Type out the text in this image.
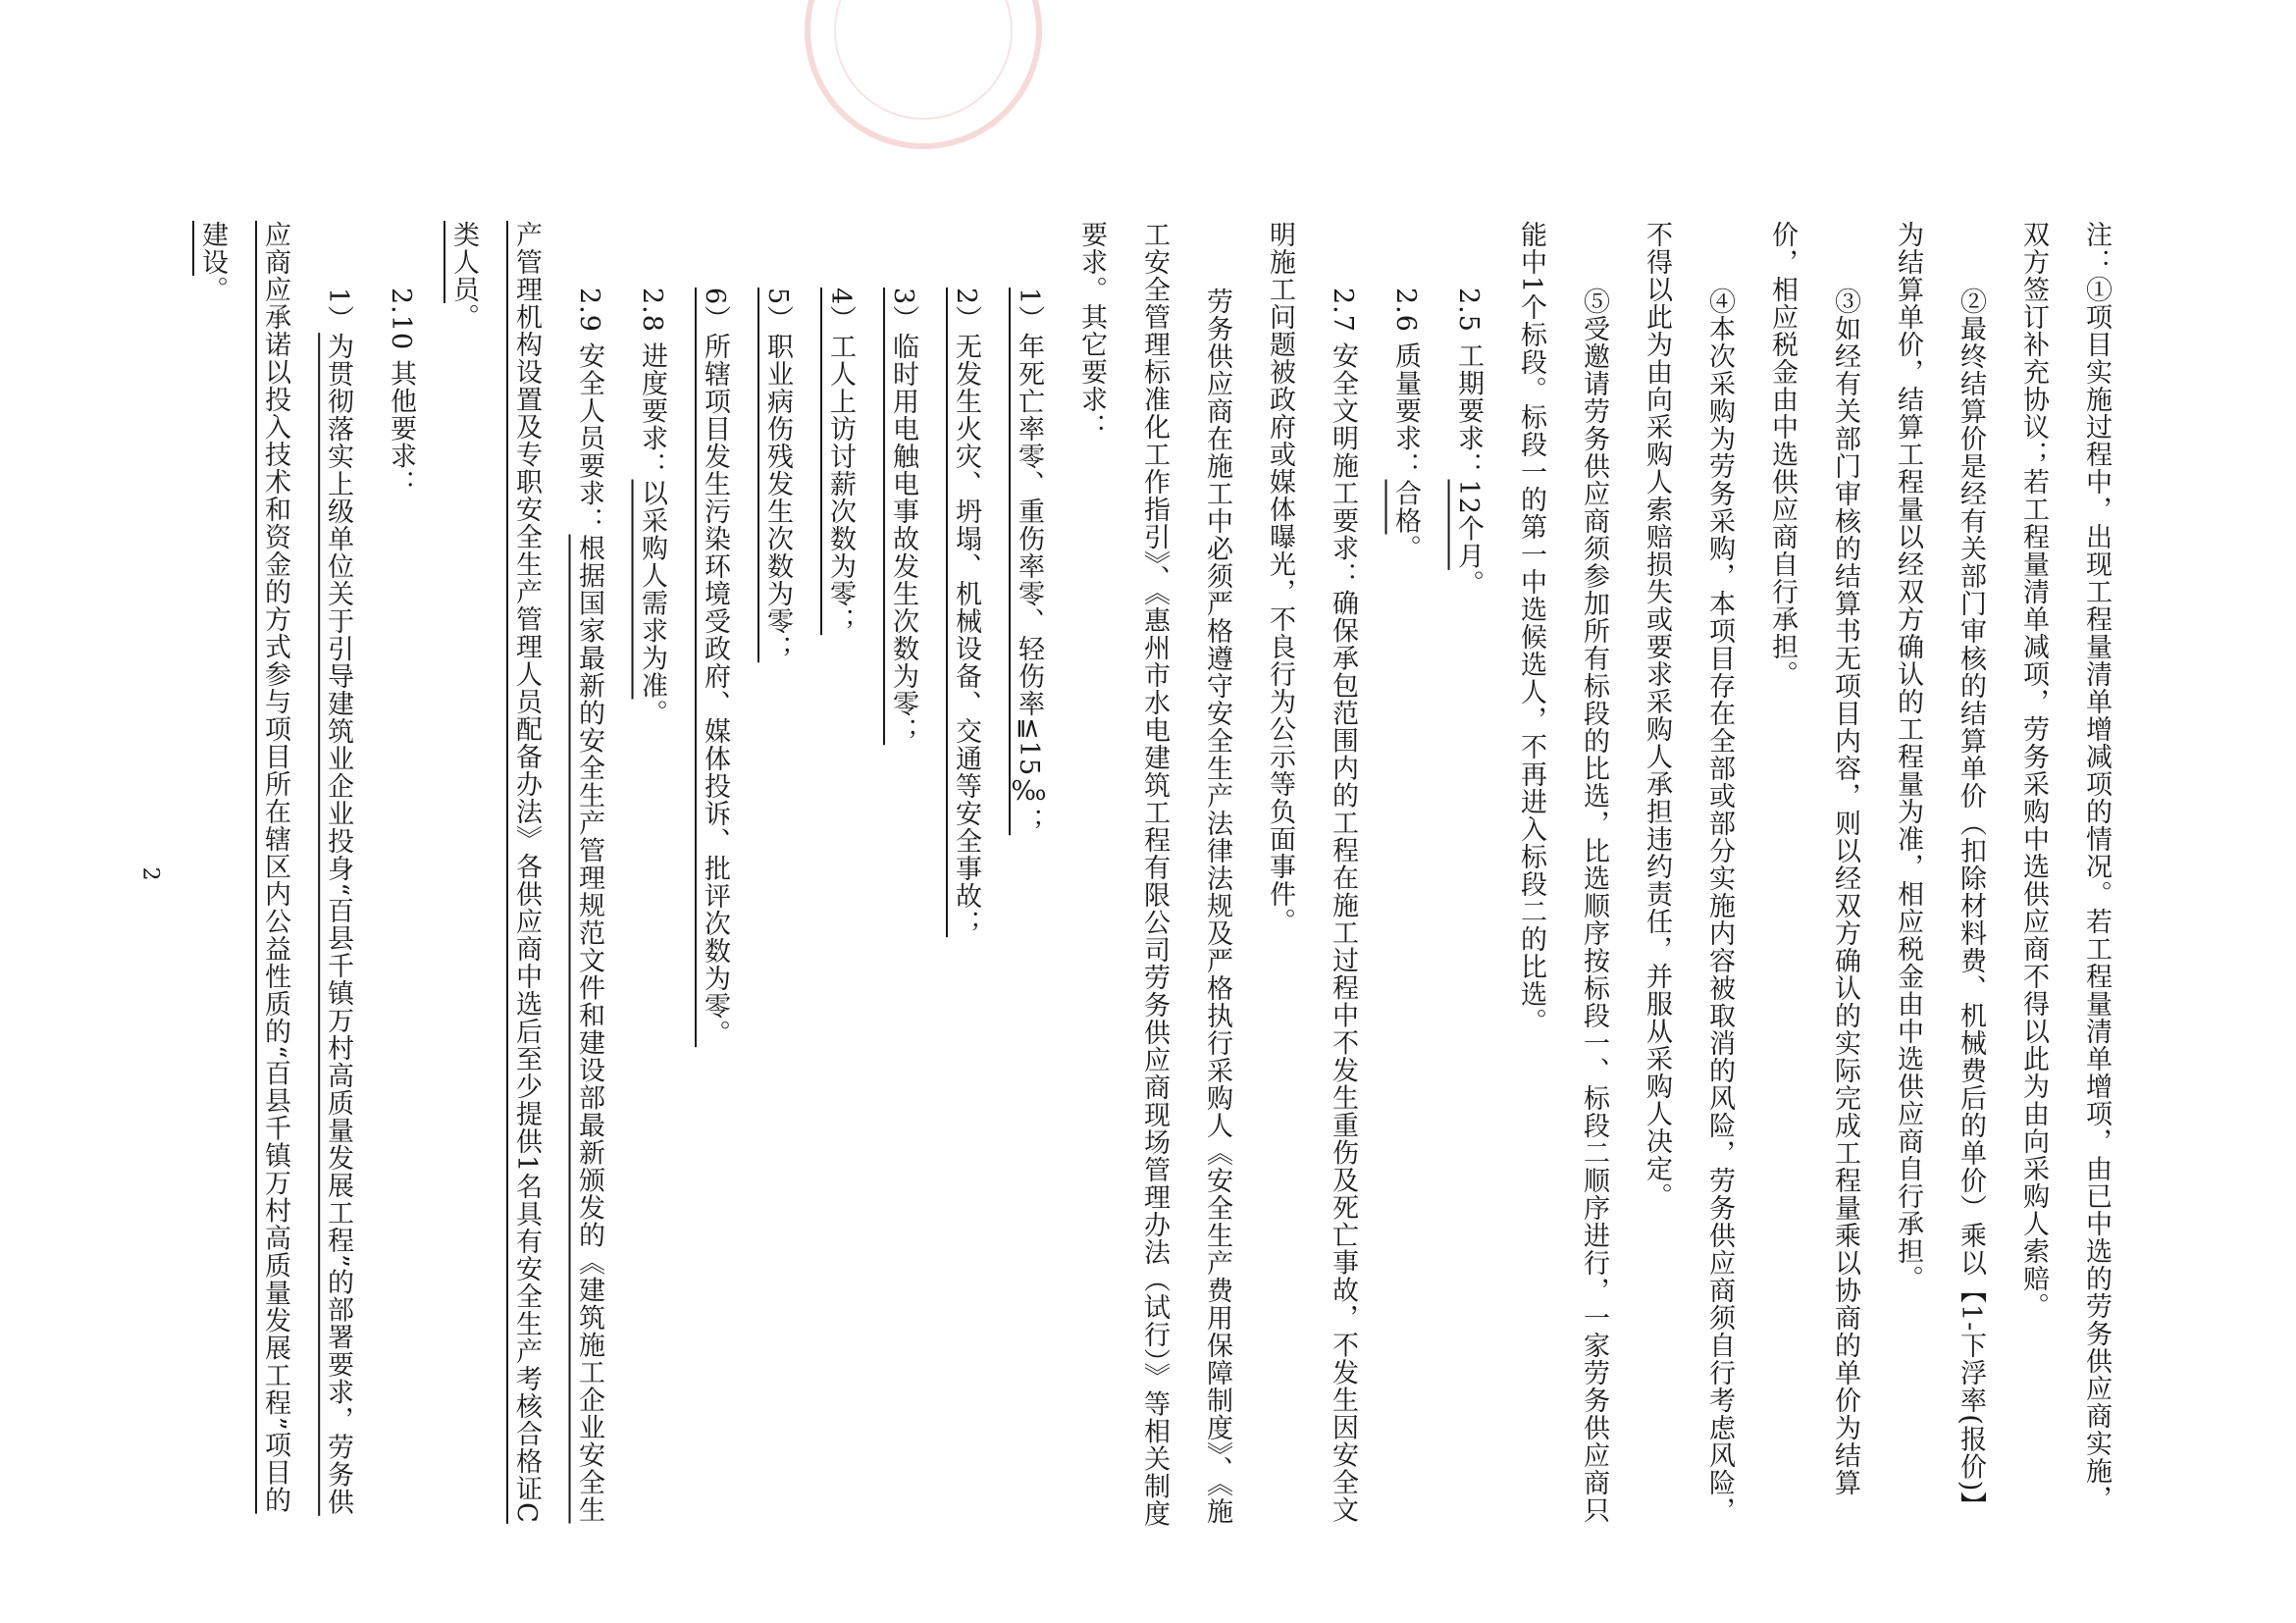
注：①项目实施过程中，出现工程量清单增减项的情况。若工程量清单增项，由已中选的劳务供应商实施，双方签订补充协议；若工程量清单减项，劳务采购中选供应商不得以此为由向采购人索赔。

②最终结算价是经有关部门审核的结算单价（扣除材料费、机械费后的单价）乘以【1-下浮率(报价)】为结算单价，结算工程量以经双方确认的工程量为准，相应税金由中选供应商自行承担。

③如经有关部门审核的结算书无项目内容，则以经双方确认的实际完成工程量乘以协商的单价为结算价，相应税金由中选供应商自行承担。

④本次采购为劳务采购，本项目存在全部或部分实施内容被取消的风险，劳务供应商须自行考虑风险，不得以此为由向采购人索赔损失或要求采购人承担违约责任，并服从采购人决定。

⑤受邀请劳务供应商须参加所有标段的比选，比选顺序按标段一、标段二顺序进行，一家劳务供应商只能中1个标段。标段一的第一中选候选人，不再进入标段二的比选。

2.5 工期要求：12个月。

2.6 质量要求：合格。

2.7 安全文明施工要求：确保承包范围内的工程在施工过程中不发生重伤及死亡事故，不发生因安全文明施工问题被政府或媒体曝光，不良行为公示等负面事件。

劳务供应商在施工中必须严格遵守安全生产法律法规及严格执行采购人《安全生产费用保障制度》、《施工安全管理标准化工作指引》、《惠州市水电建筑工程有限公司劳务供应商现场管理办法（试行）》等相关制度要求。其它要求：

1）年死亡率零、重伤率零、轻伤率≦15‰；

2）无发生火灾、坍塌、机械设备、交通等安全事故；

3）临时用电触电事故发生次数为零；

4）工人上访讨薪次数为零；

5）职业病伤残发生次数为零；

6）所辖项目发生污染环境受政府、媒体投诉、批评次数为零。

2.8 进度要求：以采购人需求为准。

2.9 安全人员要求：根据国家最新的安全生产管理规范文件和建设部最新颁发的《建筑施工企业安全生产管理机构设置及专职安全生产管理人员配备办法》各供应商中选后至少提供1名具有安全生产考核合格证C类人员。

2.10 其他要求：

1）为贯彻落实上级单位关于引导建筑业企业投身“百县千镇万村高质量发展工程”的部署要求，劳务供应商应承诺以投入技术和资金的方式参与项目所在辖区内公益性质的“百县千镇万村高质量发展工程”项目的建设。

2
